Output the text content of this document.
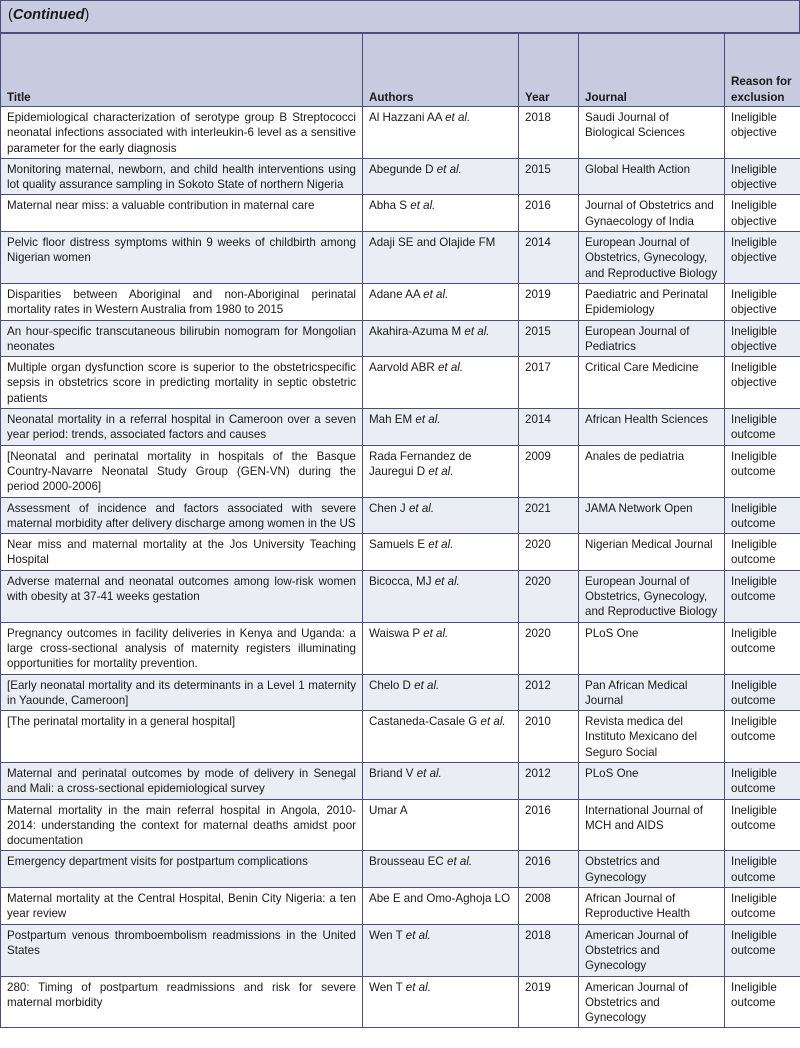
(Continued)
Title	Authors	Year	Journal	Reason for exclusion
Epidemiological characterization of serotype group B Streptococci neonatal infections associated with interleukin-6 level as a sensitive parameter for the early diagnosis	Al Hazzani AA et al.	2018	Saudi Journal of Biological Sciences	Ineligible objective
Monitoring maternal, newborn, and child health interventions using lot quality assurance sampling in Sokoto State of northern Nigeria	Abegunde D et al.	2015	Global Health Action	Ineligible objective
Maternal near miss: a valuable contribution in maternal care	Abha S et al.	2016	Journal of Obstetrics and Gynaecology of India	Ineligible objective
Pelvic floor distress symptoms within 9 weeks of childbirth among Nigerian women	Adaji SE and Olajide FM	2014	European Journal of Obstetrics, Gynecology, and Reproductive Biology	Ineligible objective
Disparities between Aboriginal and non-Aboriginal perinatal mortality rates in Western Australia from 1980 to 2015	Adane AA et al.	2019	Paediatric and Perinatal Epidemiology	Ineligible objective
An hour-specific transcutaneous bilirubin nomogram for Mongolian neonates	Akahira-Azuma M et al.	2015	European Journal of Pediatrics	Ineligible objective
Multiple organ dysfunction score is superior to the obstetricspecific sepsis in obstetrics score in predicting mortality in septic obstetric patients	Aarvold ABR et al.	2017	Critical Care Medicine	Ineligible objective
Neonatal mortality in a referral hospital in Cameroon over a seven year period: trends, associated factors and causes	Mah EM et al.	2014	African Health Sciences	Ineligible outcome
[Neonatal and perinatal mortality in hospitals of the Basque Country-Navarre Neonatal Study Group (GEN-VN) during the period 2000-2006]	Rada Fernandez de Jauregui D et al.	2009	Anales de pediatria	Ineligible outcome
Assessment of incidence and factors associated with severe maternal morbidity after delivery discharge among women in the US	Chen J et al.	2021	JAMA Network Open	Ineligible outcome
Near miss and maternal mortality at the Jos University Teaching Hospital	Samuels E et al.	2020	Nigerian Medical Journal	Ineligible outcome
Adverse maternal and neonatal outcomes among low-risk women with obesity at 37-41 weeks gestation	Bicocca, MJ et al.	2020	European Journal of Obstetrics, Gynecology, and Reproductive Biology	Ineligible outcome
Pregnancy outcomes in facility deliveries in Kenya and Uganda: a large cross-sectional analysis of maternity registers illuminating opportunities for mortality prevention.	Waiswa P et al.	2020	PLoS One	Ineligible outcome
[Early neonatal mortality and its determinants in a Level 1 maternity in Yaounde, Cameroon]	Chelo D et al.	2012	Pan African Medical Journal	Ineligible outcome
[The perinatal mortality in a general hospital]	Castaneda-Casale G et al.	2010	Revista medica del Instituto Mexicano del Seguro Social	Ineligible outcome
Maternal and perinatal outcomes by mode of delivery in Senegal and Mali: a cross-sectional epidemiological survey	Briand V et al.	2012	PLoS One	Ineligible outcome
Maternal mortality in the main referral hospital in Angola, 2010-2014: understanding the context for maternal deaths amidst poor documentation	Umar A	2016	International Journal of MCH and AIDS	Ineligible outcome
Emergency department visits for postpartum complications	Brousseau EC et al.	2016	Obstetrics and Gynecology	Ineligible outcome
Maternal mortality at the Central Hospital, Benin City Nigeria: a ten year review	Abe E and Omo-Aghoja LO	2008	African Journal of Reproductive Health	Ineligible outcome
Postpartum venous thromboembolism readmissions in the United States	Wen T et al.	2018	American Journal of Obstetrics and Gynecology	Ineligible outcome
280: Timing of postpartum readmissions and risk for severe maternal morbidity	Wen T et al.	2019	American Journal of Obstetrics and Gynecology	Ineligible outcome
